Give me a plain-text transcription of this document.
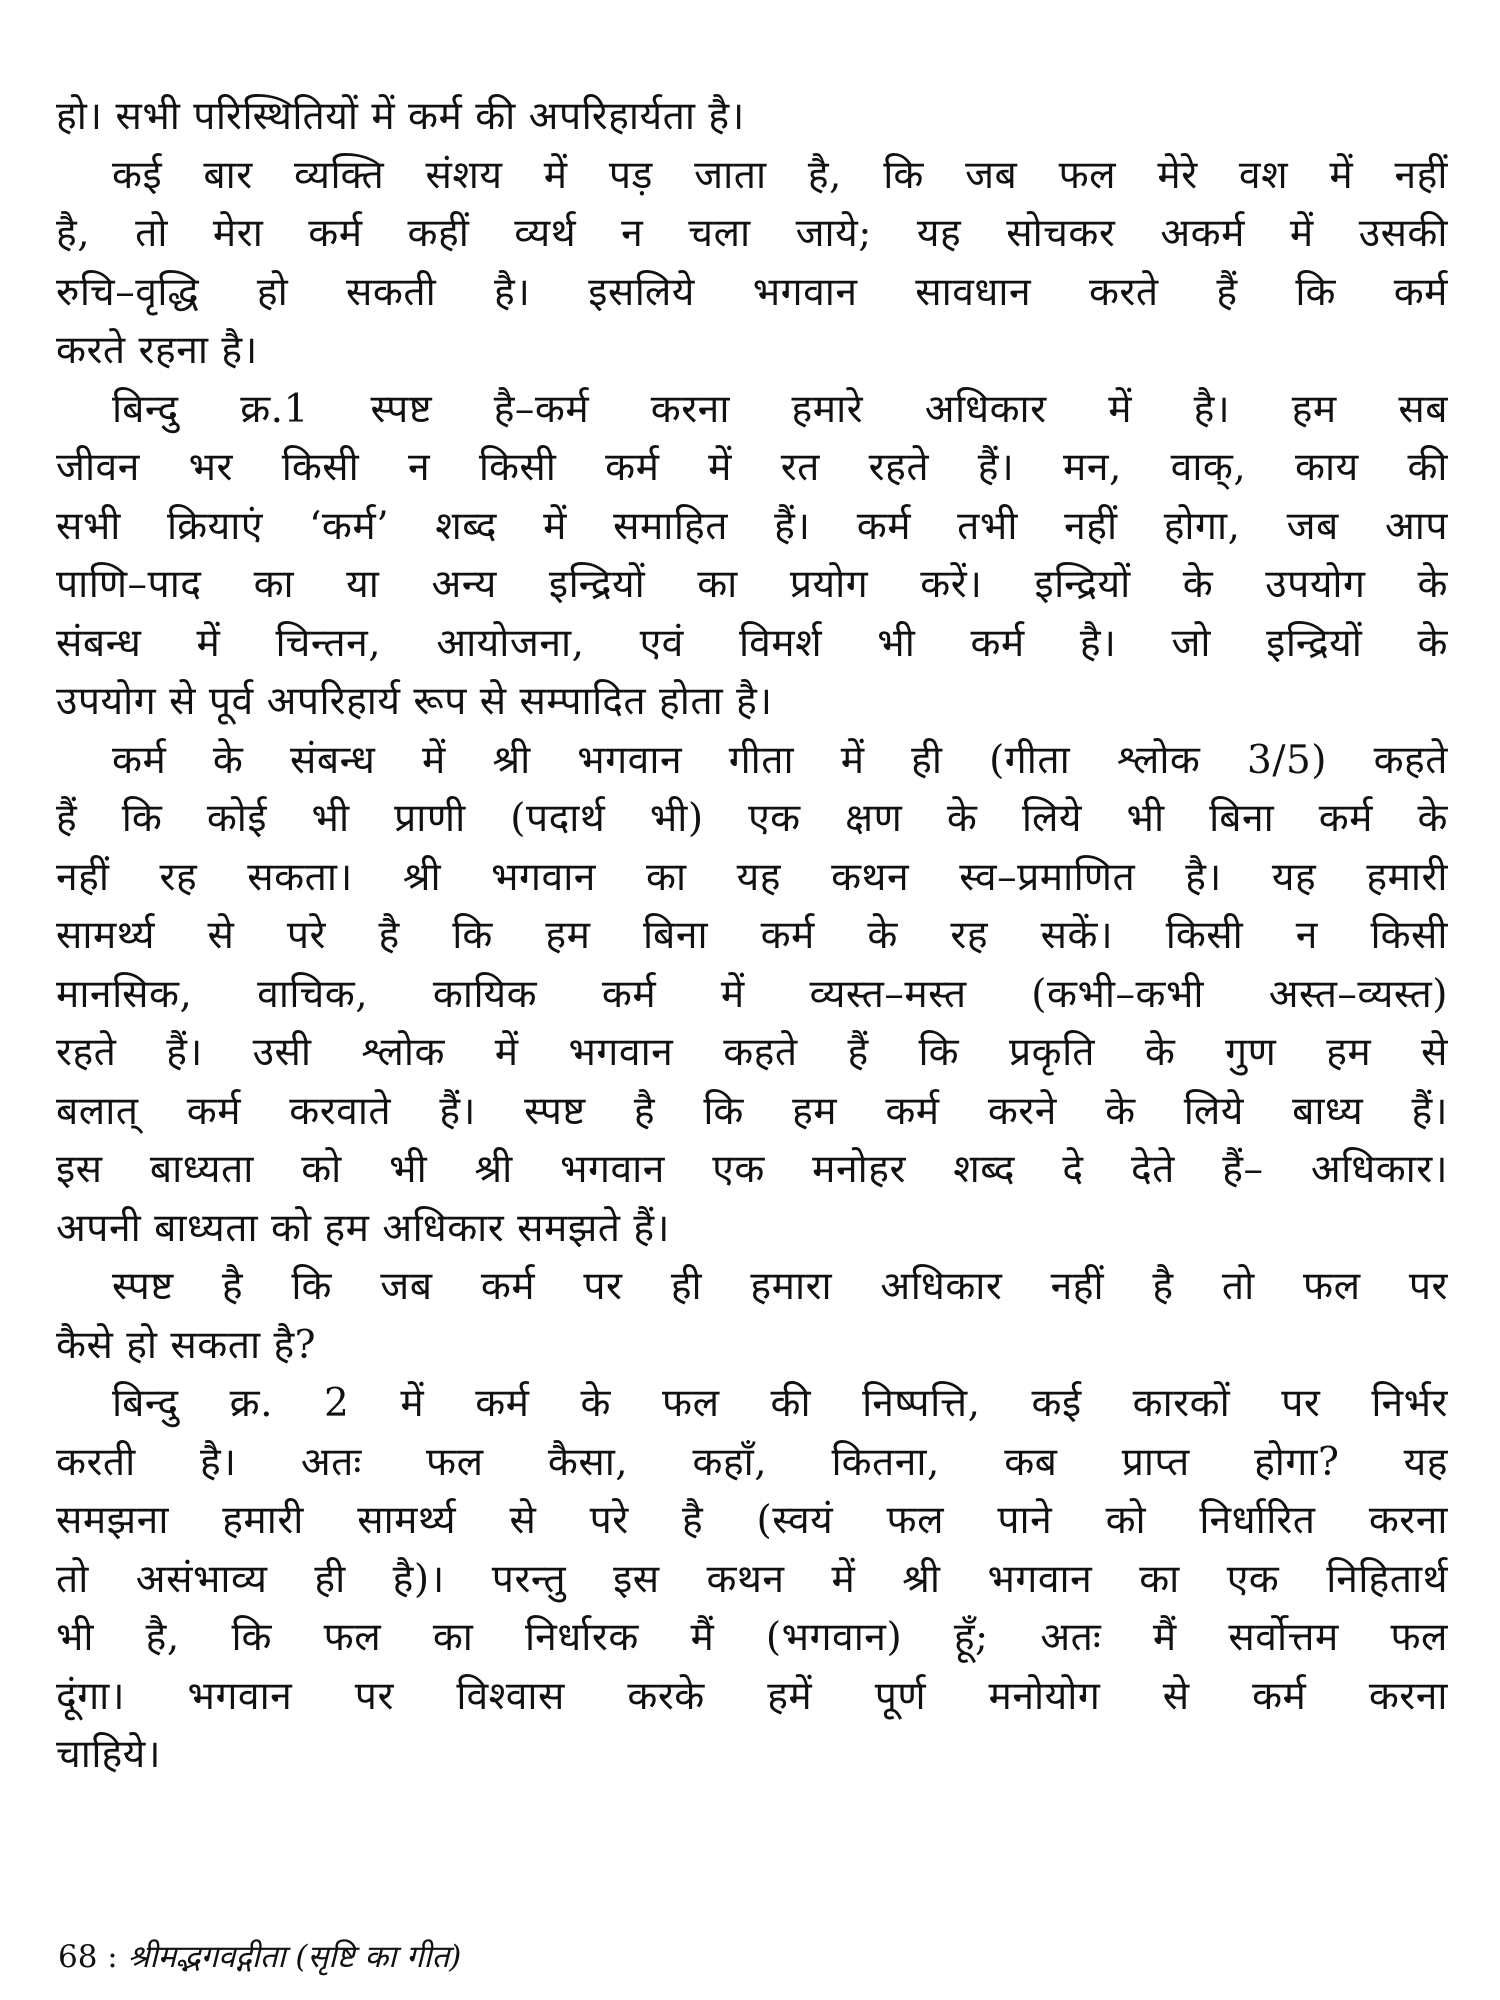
हो। सभी परिस्थितियों में कर्म की अपरिहार्यता है।
कई बार व्यक्ति संशय में पड़ जाता है, कि जब फल मेरे वश में नहीं
है, तो मेरा कर्म कहीं व्यर्थ न चला जाये; यह सोचकर अकर्म में उसकी
रुचि–वृद्धि हो सकती है। इसलिये भगवान सावधान करते हैं कि कर्म
करते रहना है।
बिन्दु क्र.1 स्पष्ट है–कर्म करना हमारे अधिकार में है। हम सब
जीवन भर किसी न किसी कर्म में रत रहते हैं। मन, वाक्, काय की
सभी क्रियाएं ‘कर्म’ शब्द में समाहित हैं। कर्म तभी नहीं होगा, जब आप
पाणि–पाद का या अन्य इन्द्रियों का प्रयोग करें। इन्द्रियों के उपयोग के
संबन्ध में चिन्तन, आयोजना, एवं विमर्श भी कर्म है। जो इन्द्रियों के
उपयोग से पूर्व अपरिहार्य रूप से सम्पादित होता है।
कर्म के संबन्ध में श्री भगवान गीता में ही (गीता श्लोक 3/5) कहते
हैं कि कोई भी प्राणी (पदार्थ भी) एक क्षण के लिये भी बिना कर्म के
नहीं रह सकता। श्री भगवान का यह कथन स्व–प्रमाणित है। यह हमारी
सामर्थ्य से परे है कि हम बिना कर्म के रह सकें। किसी न किसी
मानसिक, वाचिक, कायिक कर्म में व्यस्त–मस्त (कभी–कभी अस्त–व्यस्त)
रहते हैं। उसी श्लोक में भगवान कहते हैं कि प्रकृति के गुण हम से
बलात् कर्म करवाते हैं। स्पष्ट है कि हम कर्म करने के लिये बाध्य हैं।
इस बाध्यता को भी श्री भगवान एक मनोहर शब्द दे देते हैं– अधिकार।
अपनी बाध्यता को हम अधिकार समझते हैं।
स्पष्ट है कि जब कर्म पर ही हमारा अधिकार नहीं है तो फल पर
कैसे हो सकता है?
बिन्दु क्र. 2 में कर्म के फल की निष्पत्ति, कई कारकों पर निर्भर
करती है। अतः फल कैसा, कहाँ, कितना, कब प्राप्त होगा? यह
समझना हमारी सामर्थ्य से परे है (स्वयं फल पाने को निर्धारित करना
तो असंभाव्य ही है)। परन्तु इस कथन में श्री भगवान का एक निहितार्थ
भी है, कि फल का निर्धारक मैं (भगवान) हूँ; अतः मैं सर्वोत्तम फल
दूंगा। भगवान पर विश्वास करके हमें पूर्ण मनोयोग से कर्म करना
चाहिये।
68 : श्रीमद्भगवद्गीता (सृष्टि का गीत)
